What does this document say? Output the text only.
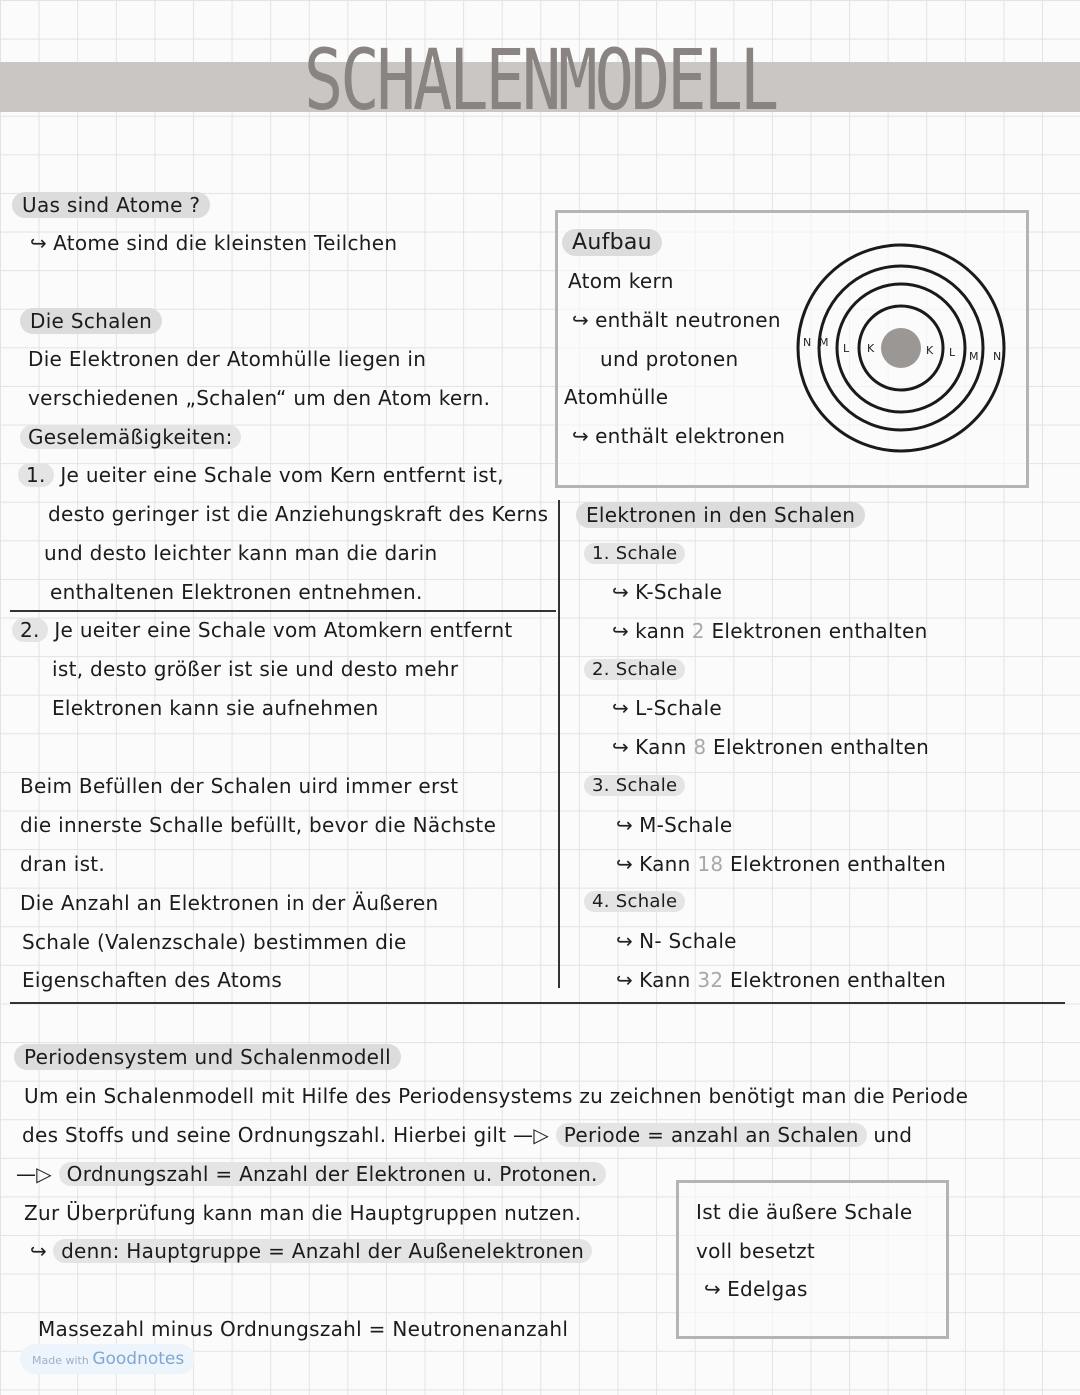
SCHALENMODELL
Uas sind Atome ?
↪ Atome sind die kleinsten Teilchen
Die Schalen
Die Elektronen der Atomhülle liegen in
verschiedenen „Schalen“ um den Atom kern.
Geselemäßigkeiten:
1. Je ueiter eine Schale vom Kern entfernt ist,
desto geringer ist die Anziehungskraft des Kerns
und desto leichter kann man die darin
enthaltenen Elektronen entnehmen.
2. Je ueiter eine Schale vom Atomkern entfernt
ist, desto größer ist sie und desto mehr
Elektronen kann sie aufnehmen
Beim Befüllen der Schalen uird immer erst
die innerste Schalle befüllt, bevor die Nächste
dran ist.
Die Anzahl an Elektronen in der Äußeren
Schale (Valenzschale) bestimmen die
Eigenschaften des Atoms
Aufbau
Atom kern
↪ enthält neutronen
und protonen
Atomhülle
↪ enthält elektronen
N M L K	K L M N
Elektronen in den Schalen
1. Schale
↪ K-Schale
↪ kann 2 Elektronen enthalten
2. Schale
↪ L-Schale
↪ Kann 8 Elektronen enthalten
3. Schale
↪ M-Schale
↪ Kann 18 Elektronen enthalten
4. Schale
↪ N- Schale
↪ Kann 32 Elektronen enthalten
Periodensystem und Schalenmodell
Um ein Schalenmodell mit Hilfe des Periodensystems zu zeichnen benötigt man die Periode
des Stoffs und seine Ordnungszahl. Hierbei gilt —▷ Periode = anzahl an Schalen und
—▷ Ordnungszahl = Anzahl der Elektronen u. Protonen.
Zur Überprüfung kann man die Hauptgruppen nutzen.
↪ denn: Hauptgruppe = Anzahl der Außenelektronen
Massezahl minus Ordnungszahl = Neutronenanzahl
Ist die äußere Schale
voll besetzt
↪ Edelgas
Made with Goodnotes
